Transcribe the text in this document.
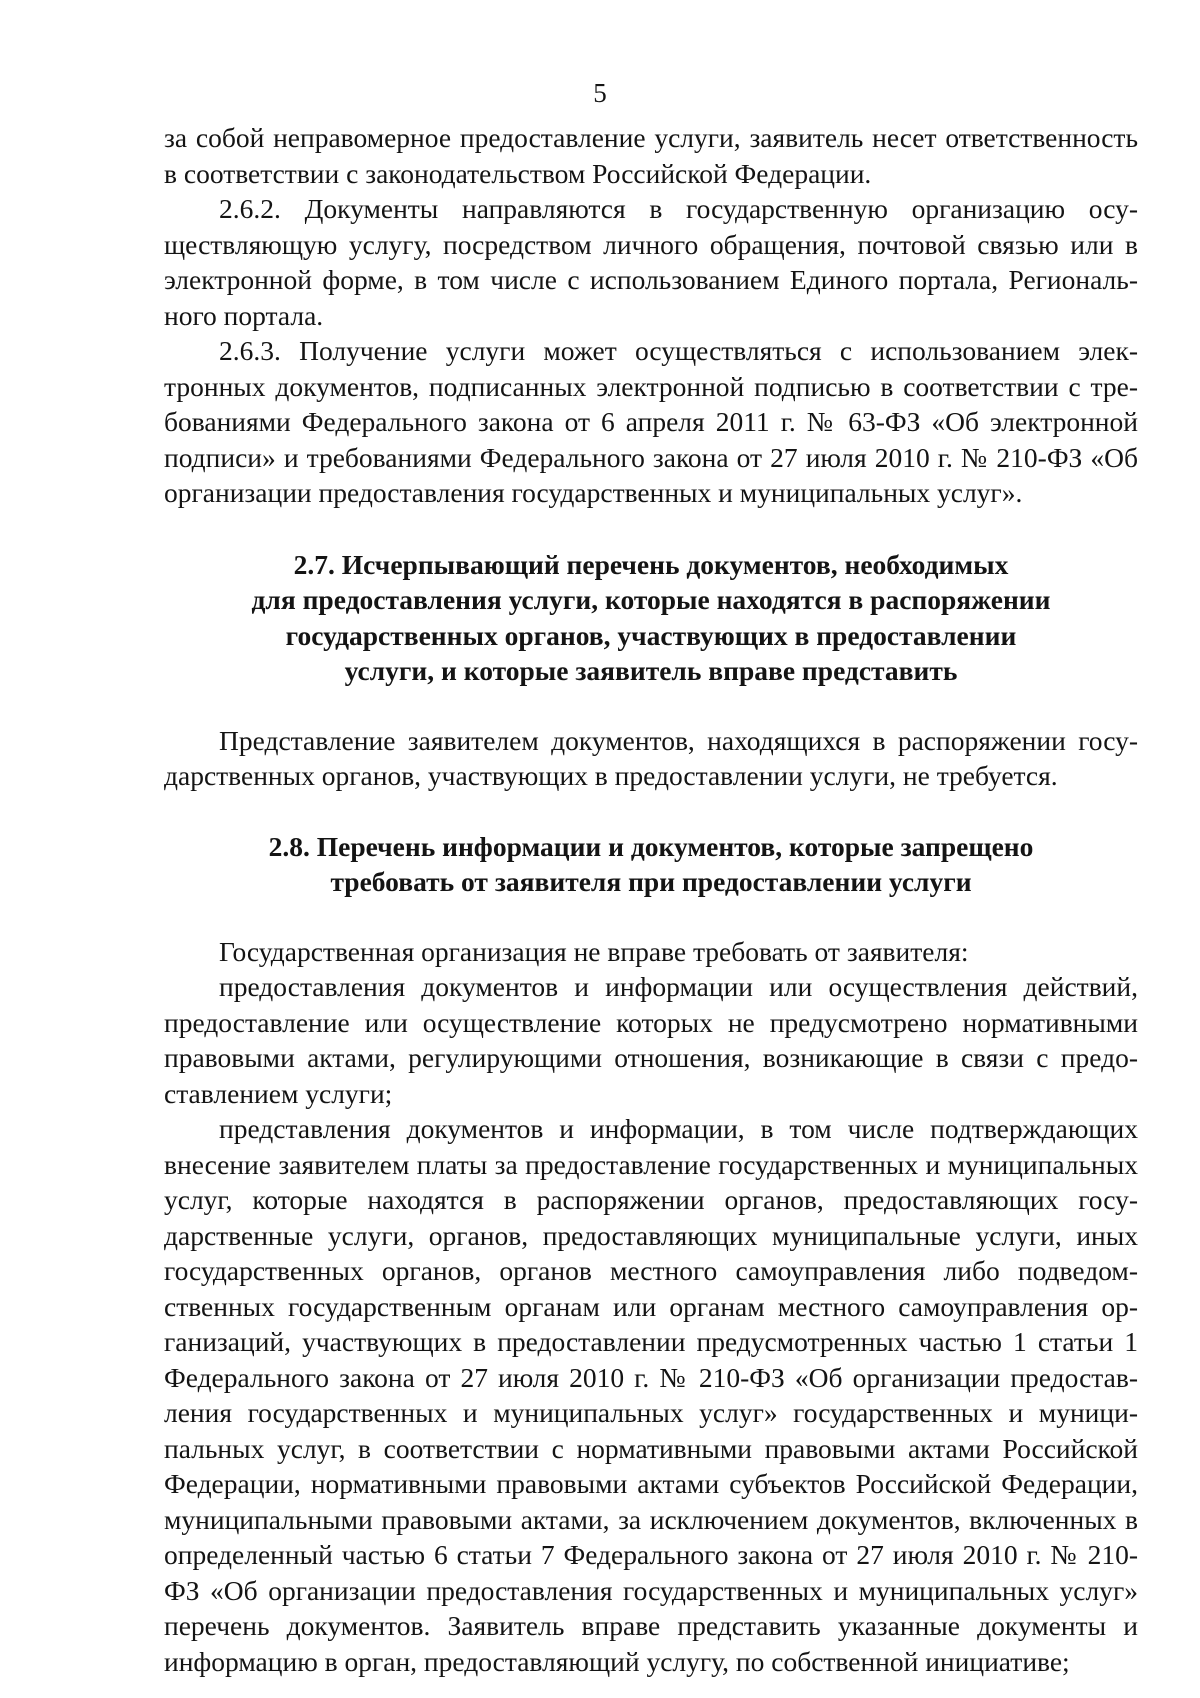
5

за собой неправомерное предоставление услуги, заявитель несет ответственность в соответствии с законодательством Российской Федерации.

2.6.2. Документы направляются в государственную организацию осуществляющую услугу, посредством личного обращения, почтовой связью или в электронной форме, в том числе с использованием Единого портала, Регионального портала.

2.6.3. Получение услуги может осуществляться с использованием электронных документов, подписанных электронной подписью в соответствии с требованиями Федерального закона от 6 апреля 2011 г. № 63-ФЗ «Об электронной подписи» и требованиями Федерального закона от 27 июля 2010 г. № 210-ФЗ «Об организации предоставления государственных и муниципальных услуг».

2.7. Исчерпывающий перечень документов, необходимых
для предоставления услуги, которые находятся в распоряжении
государственных органов, участвующих в предоставлении
услуги, и которые заявитель вправе представить

Представление заявителем документов, находящихся в распоряжении государственных органов, участвующих в предоставлении услуги, не требуется.

2.8. Перечень информации и документов, которые запрещено
требовать от заявителя при предоставлении услуги

Государственная организация не вправе требовать от заявителя:

предоставления документов и информации или осуществления действий, предоставление или осуществление которых не предусмотрено нормативными правовыми актами, регулирующими отношения, возникающие в связи с предоставлением услуги;

представления документов и информации, в том числе подтверждающих внесение заявителем платы за предоставление государственных и муниципальных услуг, которые находятся в распоряжении органов, предоставляющих государственные услуги, органов, предоставляющих муниципальные услуги, иных государственных органов, органов местного самоуправления либо подведомственных государственным органам или органам местного самоуправления организаций, участвующих в предоставлении предусмотренных частью 1 статьи 1 Федерального закона от 27 июля 2010 г. № 210-ФЗ «Об организации предоставления государственных и муниципальных услуг» государственных и муниципальных услуг, в соответствии с нормативными правовыми актами Российской Федерации, нормативными правовыми актами субъектов Российской Федерации, муниципальными правовыми актами, за исключением документов, включенных в определенный частью 6 статьи 7 Федерального закона от 27 июля 2010 г. № 210-ФЗ «Об организации предоставления государственных и муниципальных услуг» перечень документов. Заявитель вправе представить указанные документы и информацию в орган, предоставляющий услугу, по собственной инициативе;
